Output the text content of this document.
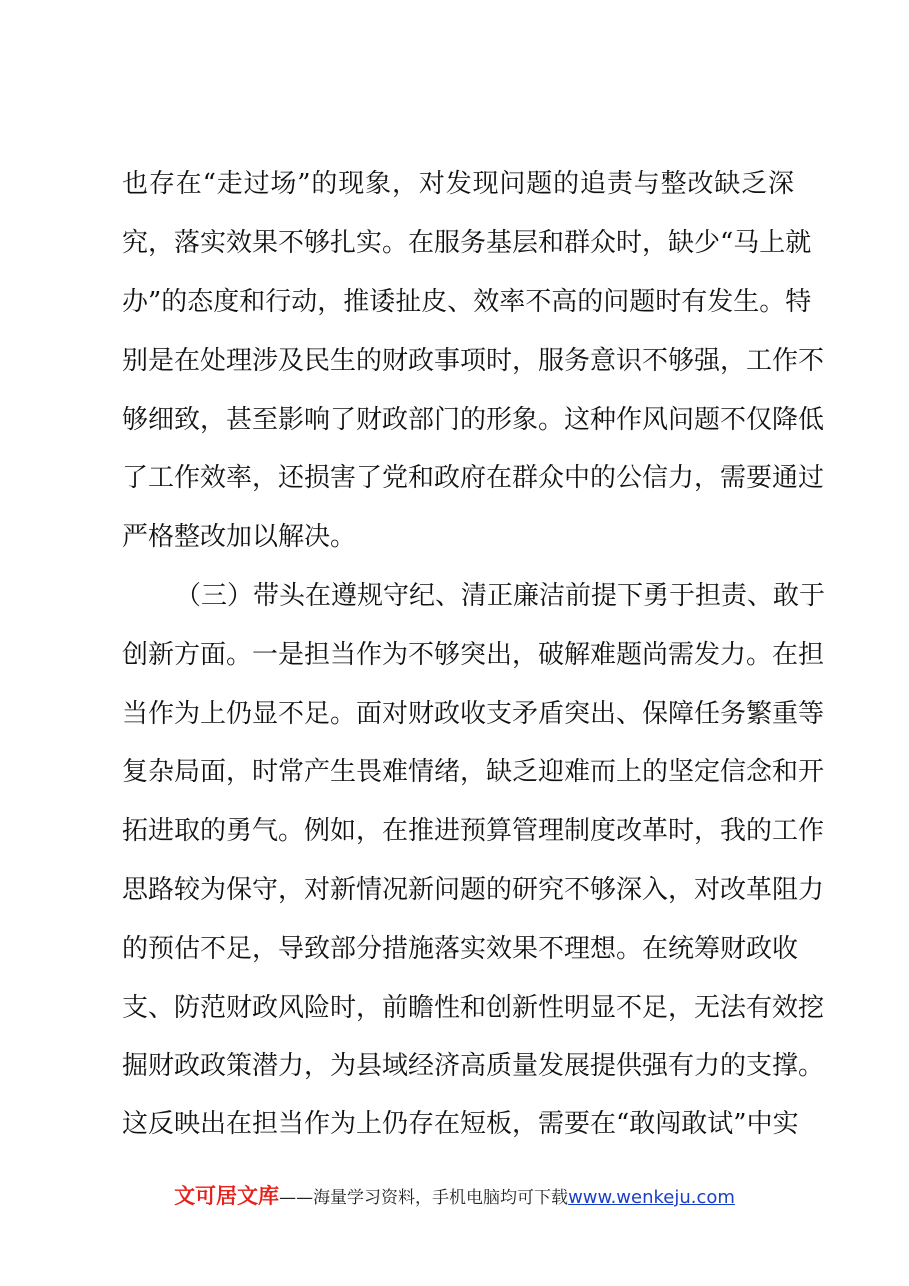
也存在“走过场”的现象，对发现问题的追责与整改缺乏深
究，落实效果不够扎实。在服务基层和群众时，缺少“马上就
办”的态度和行动，推诿扯皮、效率不高的问题时有发生。特
别是在处理涉及民生的财政事项时，服务意识不够强，工作不
够细致，甚至影响了财政部门的形象。这种作风问题不仅降低
了工作效率，还损害了党和政府在群众中的公信力，需要通过
严格整改加以解决。
（三）带头在遵规守纪、清正廉洁前提下勇于担责、敢于
创新方面。一是担当作为不够突出，破解难题尚需发力。在担
当作为上仍显不足。面对财政收支矛盾突出、保障任务繁重等
复杂局面，时常产生畏难情绪，缺乏迎难而上的坚定信念和开
拓进取的勇气。例如，在推进预算管理制度改革时，我的工作
思路较为保守，对新情况新问题的研究不够深入，对改革阻力
的预估不足，导致部分措施落实效果不理想。在统筹财政收
支、防范财政风险时，前瞻性和创新性明显不足，无法有效挖
掘财政政策潜力，为县域经济高质量发展提供强有力的支撑。
这反映出在担当作为上仍存在短板，需要在“敢闯敢试”中实
文可居文库——海量学习资料，手机电脑均可下载www.wenkeju.com
